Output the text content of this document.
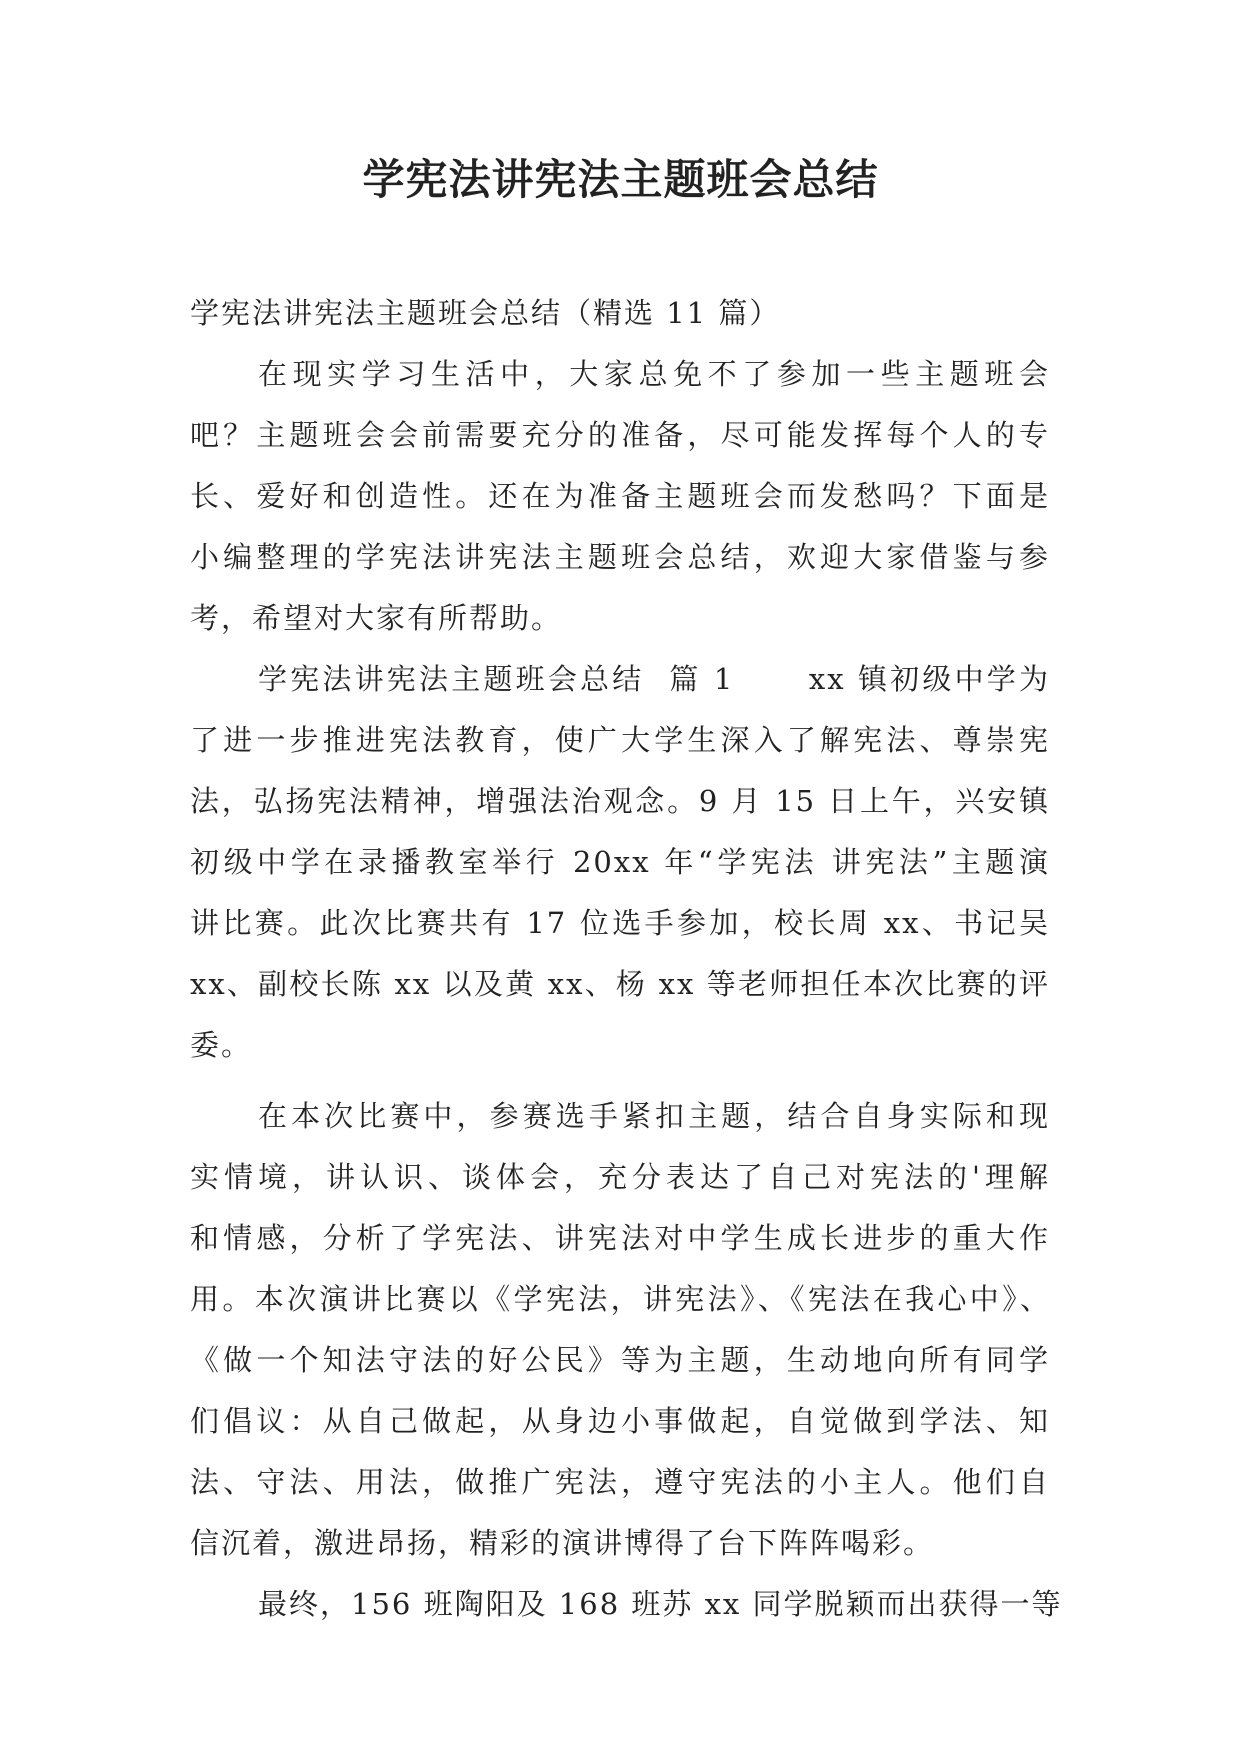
学宪法讲宪法主题班会总结
学宪法讲宪法主题班会总结（精选 11 篇）
在现实学习生活中，大家总免不了参加一些主题班会
吧？主题班会会前需要充分的准备，尽可能发挥每个人的专
长、爱好和创造性。还在为准备主题班会而发愁吗？下面是
小编整理的学宪法讲宪法主题班会总结，欢迎大家借鉴与参
考，希望对大家有所帮助。
学宪法讲宪法主题班会总结  篇 1      xx 镇初级中学为
了进一步推进宪法教育，使广大学生深入了解宪法、尊崇宪
法，弘扬宪法精神，增强法治观念。9 月 15 日上午，兴安镇
初级中学在录播教室举行 20xx 年“学宪法 讲宪法”主题演
讲比赛。此次比赛共有 17 位选手参加，校长周 xx、书记吴
xx、副校长陈 xx 以及黄 xx、杨 xx 等老师担任本次比赛的评
委。
在本次比赛中，参赛选手紧扣主题，结合自身实际和现
实情境，讲认识、谈体会，充分表达了自己对宪法的'理解
和情感，分析了学宪法、讲宪法对中学生成长进步的重大作
用。本次演讲比赛以《学宪法，讲宪法》、《宪法在我心中》、
《做一个知法守法的好公民》等为主题，生动地向所有同学
们倡议：从自己做起，从身边小事做起，自觉做到学法、知
法、守法、用法，做推广宪法，遵守宪法的小主人。他们自
信沉着，激进昂扬，精彩的演讲博得了台下阵阵喝彩。
最终，156 班陶阳及 168 班苏 xx 同学脱颖而出获得一等
